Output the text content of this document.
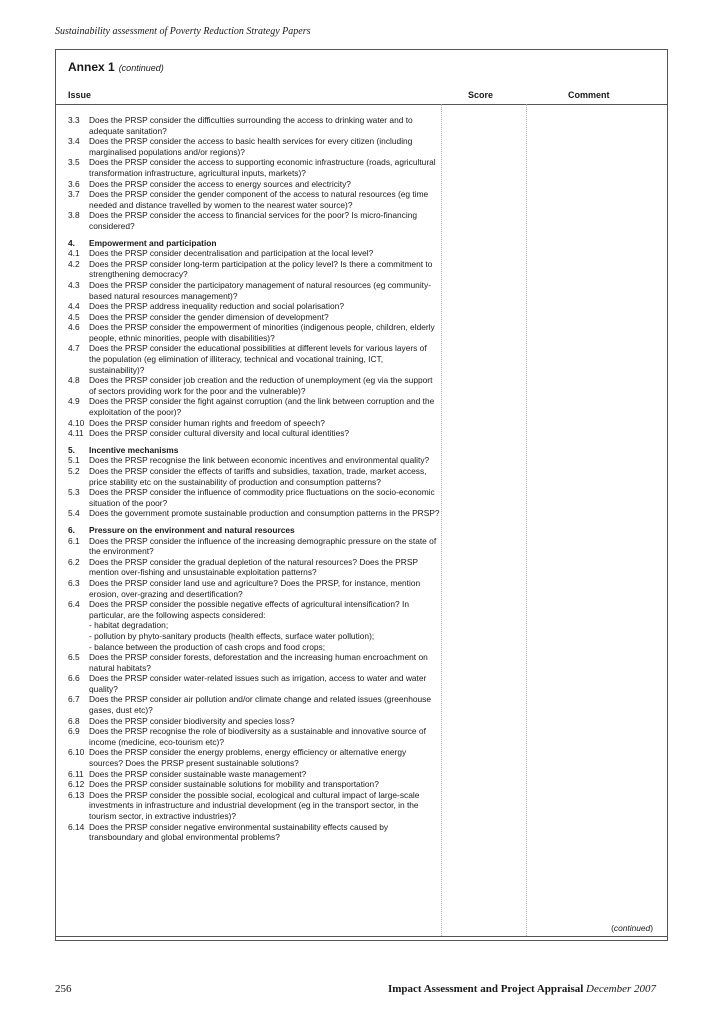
Sustainability assessment of Poverty Reduction Strategy Papers
Annex 1 (continued)
Issue	Score	Comment
3.3	Does the PRSP consider the difficulties surrounding the access to drinking water and to adequate sanitation?
3.4	Does the PRSP consider the access to basic health services for every citizen (including marginalised populations and/or regions)?
3.5	Does the PRSP consider the access to supporting economic infrastructure (roads, agricultural transformation infrastructure, agricultural inputs, markets)?
3.6	Does the PRSP consider the access to energy sources and electricity?
3.7	Does the PRSP consider the gender component of the access to natural resources (eg time needed and distance travelled by women to the nearest water source)?
3.8	Does the PRSP consider the access to financial services for the poor? Is micro-financing considered?
4.	Empowerment and participation
4.1	Does the PRSP consider decentralisation and participation at the local level?
4.2	Does the PRSP consider long-term participation at the policy level? Is there a commitment to strengthening democracy?
4.3	Does the PRSP consider the participatory management of natural resources (eg community-based natural resources management)?
4.4	Does the PRSP address inequality reduction and social polarisation?
4.5	Does the PRSP consider the gender dimension of development?
4.6	Does the PRSP consider the empowerment of minorities (indigenous people, children, elderly people, ethnic minorities, people with disabilities)?
4.7	Does the PRSP consider the educational possibilities at different levels for various layers of the population (eg elimination of illiteracy, technical and vocational training, ICT, sustainability)?
4.8	Does the PRSP consider job creation and the reduction of unemployment (eg via the support of sectors providing work for the poor and the vulnerable)?
4.9	Does the PRSP consider the fight against corruption (and the link between corruption and the exploitation of the poor)?
4.10 Does the PRSP consider human rights and freedom of speech?
4.11 Does the PRSP consider cultural diversity and local cultural identities?
5.	Incentive mechanisms
5.1	Does the PRSP recognise the link between economic incentives and environmental quality?
5.2	Does the PRSP consider the effects of tariffs and subsidies, taxation, trade, market access, price stability etc on the sustainability of production and consumption patterns?
5.3	Does the PRSP consider the influence of commodity price fluctuations on the socio-economic situation of the poor?
5.4	Does the government promote sustainable production and consumption patterns in the PRSP?
6.	Pressure on the environment and natural resources
6.1	Does the PRSP consider the influence of the increasing demographic pressure on the state of the environment?
6.2	Does the PRSP consider the gradual depletion of the natural resources? Does the PRSP mention over-fishing and unsustainable exploitation patterns?
6.3	Does the PRSP consider land use and agriculture? Does the PRSP, for instance, mention erosion, over-grazing and desertification?
6.4	Does the PRSP consider the possible negative effects of agricultural intensification? In particular, are the following aspects considered:
- habitat degradation;
- pollution by phyto-sanitary products (health effects, surface water pollution);
- balance between the production of cash crops and food crops;
6.5	Does the PRSP consider forests, deforestation and the increasing human encroachment on natural habitats?
6.6	Does the PRSP consider water-related issues such as irrigation, access to water and water quality?
6.7	Does the PRSP consider air pollution and/or climate change and related issues (greenhouse gases, dust etc)?
6.8	Does the PRSP consider biodiversity and species loss?
6.9	Does the PRSP recognise the role of biodiversity as a sustainable and innovative source of income (medicine, eco-tourism etc)?
6.10 Does the PRSP consider the energy problems, energy efficiency or alternative energy sources? Does the PRSP present sustainable solutions?
6.11 Does the PRSP consider sustainable waste management?
6.12 Does the PRSP consider sustainable solutions for mobility and transportation?
6.13 Does the PRSP consider the possible social, ecological and cultural impact of large-scale investments in infrastructure and industrial development (eg in the transport sector, in the tourism sector, in extractive industries)?
6.14 Does the PRSP consider negative environmental sustainability effects caused by transboundary and global environmental problems?
(continued)
256	Impact Assessment and Project Appraisal December 2007
